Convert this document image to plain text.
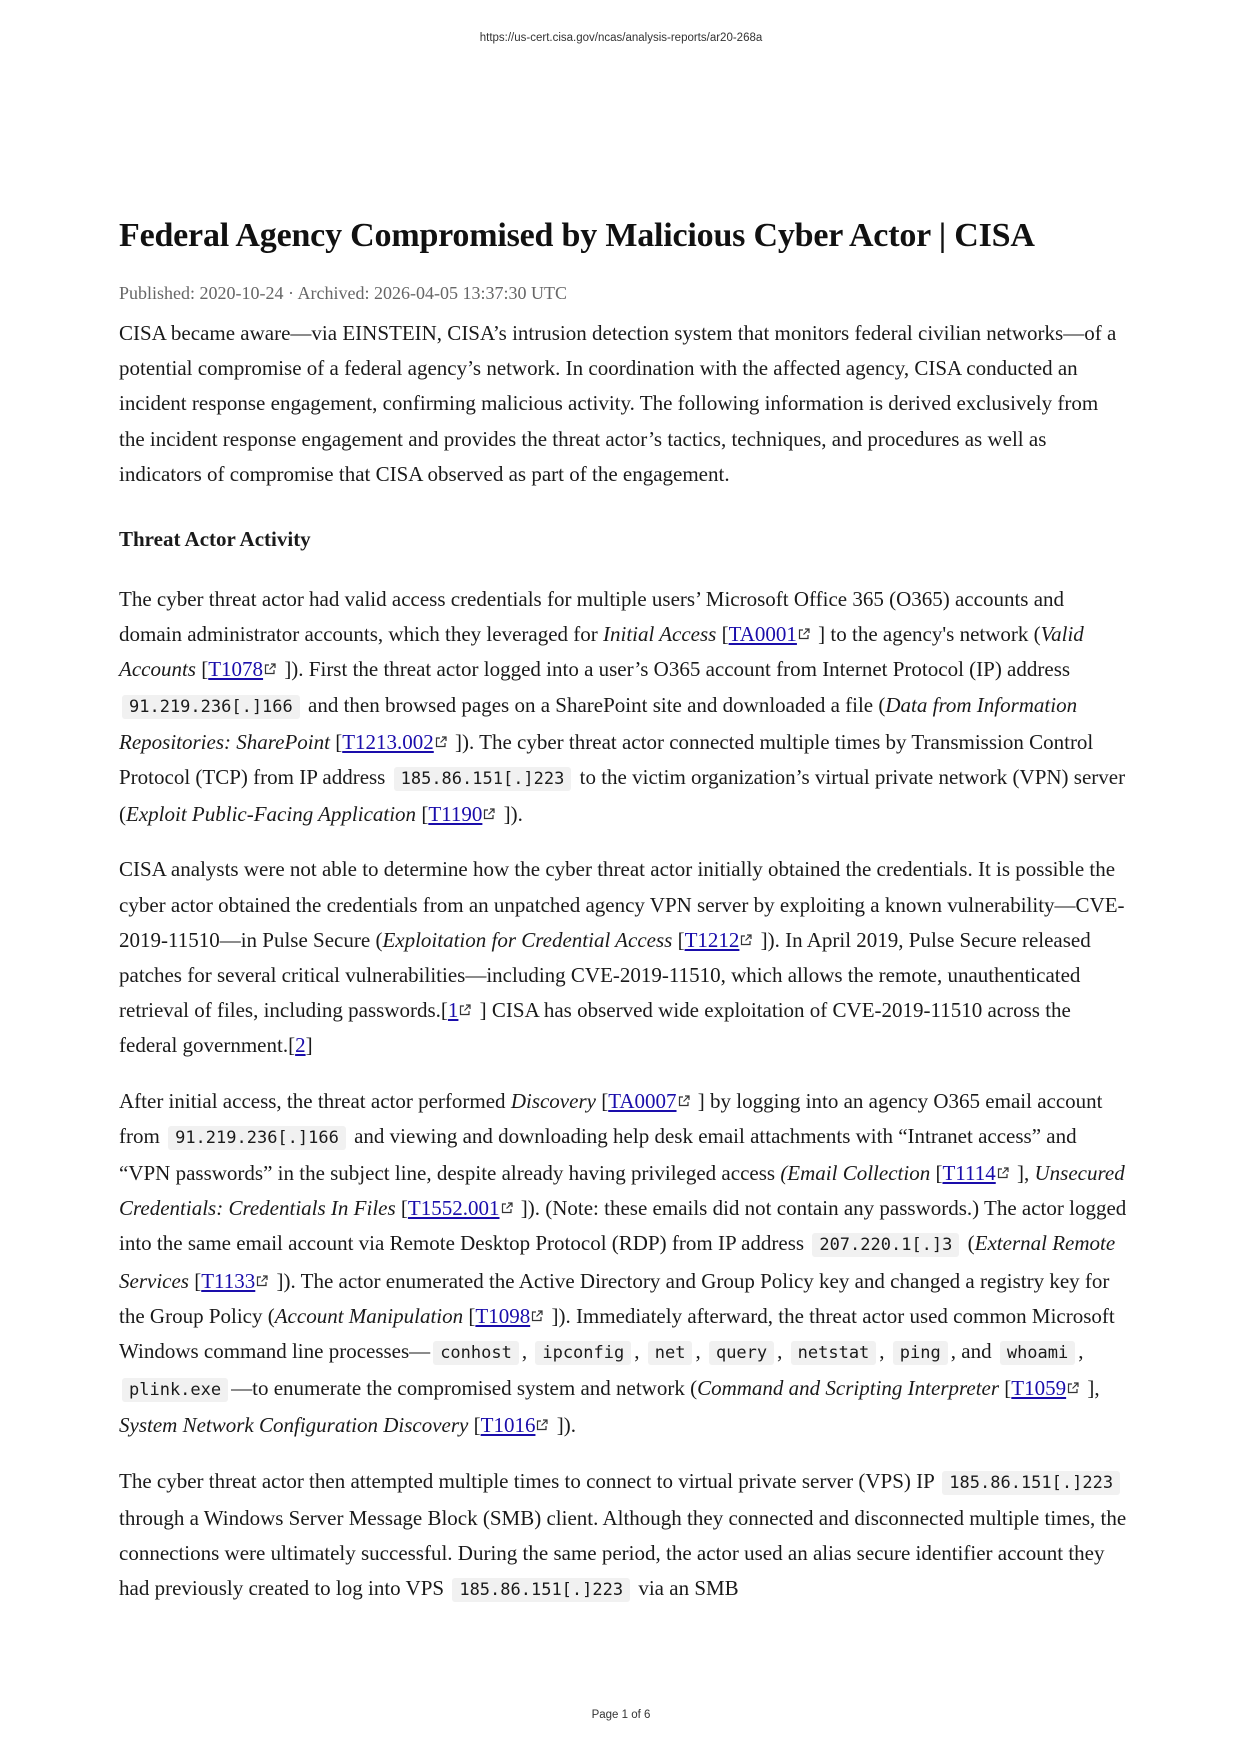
https://us-cert.cisa.gov/ncas/analysis-reports/ar20-268a
Federal Agency Compromised by Malicious Cyber Actor | CISA
Published: 2020-10-24 · Archived: 2026-04-05 13:37:30 UTC

CISA became aware—via EINSTEIN, CISA’s intrusion detection system that monitors federal civilian networks—of a potential compromise of a federal agency’s network. In coordination with the affected agency, CISA conducted an incident response engagement, confirming malicious activity. The following information is derived exclusively from the incident response engagement and provides the threat actor’s tactics, techniques, and procedures as well as indicators of compromise that CISA observed as part of the engagement.

Threat Actor Activity

The cyber threat actor had valid access credentials for multiple users’ Microsoft Office 365 (O365) accounts and domain administrator accounts, which they leveraged for Initial Access [TA0001
] to the agency's network (Valid Accounts [T1078
]). First the threat actor logged into a user’s O365 account from Internet Protocol (IP) address 91.219.236[.]166 and then browsed pages on a SharePoint site and downloaded a file (Data from Information Repositories: SharePoint [T1213.002
]). The cyber threat actor connected multiple times by Transmission Control Protocol (TCP) from IP address 185.86.151[.]223 to the victim organization’s virtual private network (VPN) server (Exploit Public-Facing Application [T1190
]).

CISA analysts were not able to determine how the cyber threat actor initially obtained the credentials. It is possible the cyber actor obtained the credentials from an unpatched agency VPN server by exploiting a known vulnerability—CVE-2019-11510—in Pulse Secure (Exploitation for Credential Access [T1212
]). In April 2019, Pulse Secure released patches for several critical vulnerabilities—including CVE-2019-11510, which allows the remote, unauthenticated retrieval of files, including passwords.[1
] CISA has observed wide exploitation of CVE-2019-11510 across the federal government.[2]

After initial access, the threat actor performed Discovery [TA0007
] by logging into an agency O365 email account from 91.219.236[.]166 and viewing and downloading help desk email attachments with “Intranet access” and “VPN passwords” in the subject line, despite already having privileged access (Email Collection [T1114
], Unsecured Credentials: Credentials In Files [T1552.001
]). (Note: these emails did not contain any passwords.) The actor logged into the same email account via Remote Desktop Protocol (RDP) from IP address 207.220.1[.]3 (External Remote Services [T1133
]). The actor enumerated the Active Directory and Group Policy key and changed a registry key for the Group Policy (Account Manipulation [T1098
]). Immediately afterward, the threat actor used common Microsoft Windows command line processes— conhost , ipconfig , net , query , netstat , ping , and whoami , plink.exe —to enumerate the compromised system and network (Command and Scripting Interpreter [T1059
], System Network Configuration Discovery [T1016
]).

The cyber threat actor then attempted multiple times to connect to virtual private server (VPS) IP 185.86.151[.]223 through a Windows Server Message Block (SMB) client. Although they connected and disconnected multiple times, the connections were ultimately successful. During the same period, the actor used an alias secure identifier account they had previously created to log into VPS 185.86.151[.]223 via an SMB

Page 1 of 6
